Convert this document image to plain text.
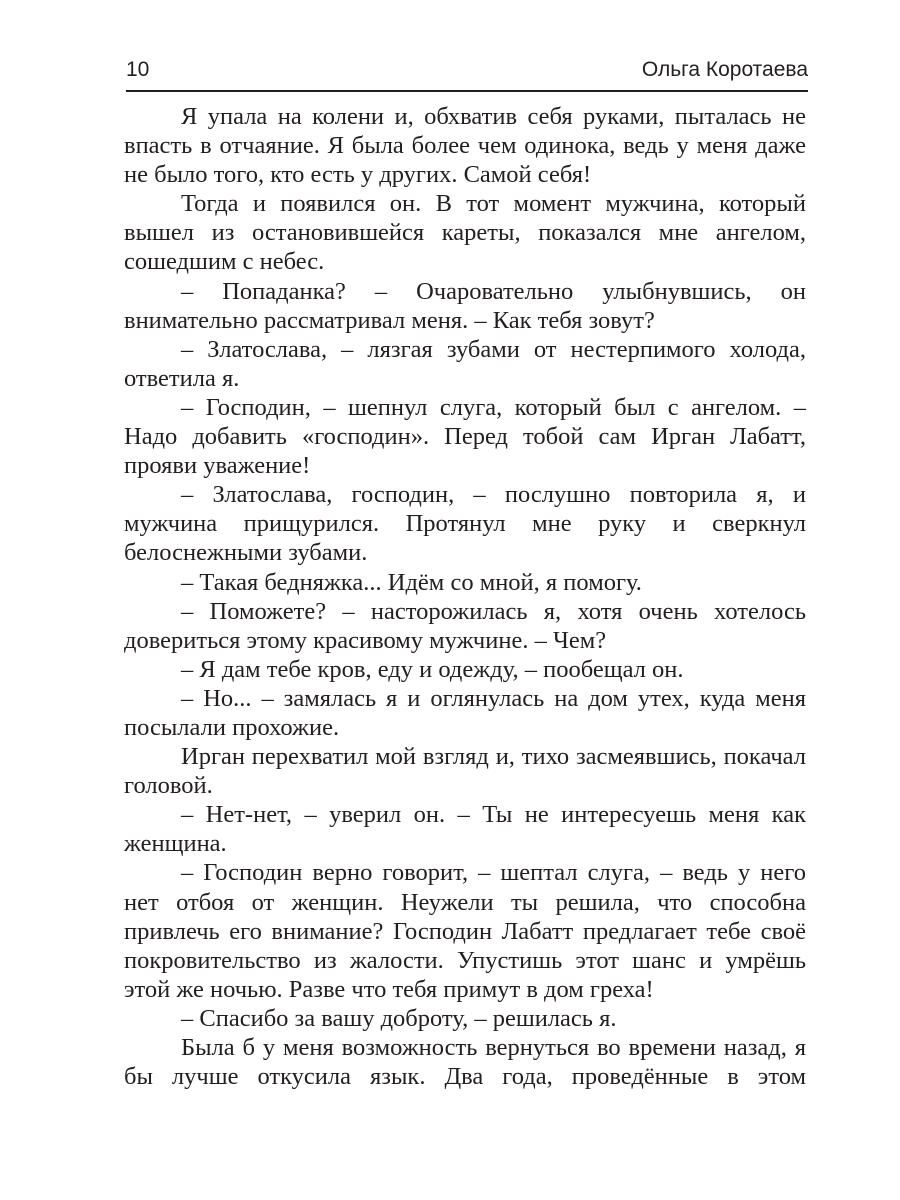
10	Ольга Коротаева

Я упала на колени и, обхватив себя руками, пыталась не впасть в отчаяние. Я была более чем одинока, ведь у меня даже не было того, кто есть у других. Самой себя!

Тогда и появился он. В тот момент мужчина, который вышел из остановившейся кареты, показался мне ангелом, сошедшим с небес.

– Попаданка? – Очаровательно улыбнувшись, он внимательно рассматривал меня. – Как тебя зовут?

– Златослава, – лязгая зубами от нестерпимого холода, ответила я.

– Господин, – шепнул слуга, который был с ангелом. – Надо добавить «господин». Перед тобой сам Ирган Лабатт, прояви уважение!

– Златослава, господин, – послушно повторила я, и мужчина прищурился. Протянул мне руку и сверкнул белоснежными зубами.

– Такая бедняжка... Идём со мной, я помогу.

– Поможете? – насторожилась я, хотя очень хотелось довериться этому красивому мужчине. – Чем?

– Я дам тебе кров, еду и одежду, – пообещал он.

– Но... – замялась я и оглянулась на дом утех, куда меня посылали прохожие.

Ирган перехватил мой взгляд и, тихо засмеявшись, покачал головой.

– Нет-нет, – уверил он. – Ты не интересуешь меня как женщина.

– Господин верно говорит, – шептал слуга, – ведь у него нет отбоя от женщин. Неужели ты решила, что способна привлечь его внимание? Господин Лабатт предлагает тебе своё покровительство из жалости. Упустишь этот шанс и умрёшь этой же ночью. Разве что тебя примут в дом греха!

– Спасибо за вашу доброту, – решилась я.

Была б у меня возможность вернуться во времени назад, я бы лучше откусила язык. Два года, проведённые в этом
